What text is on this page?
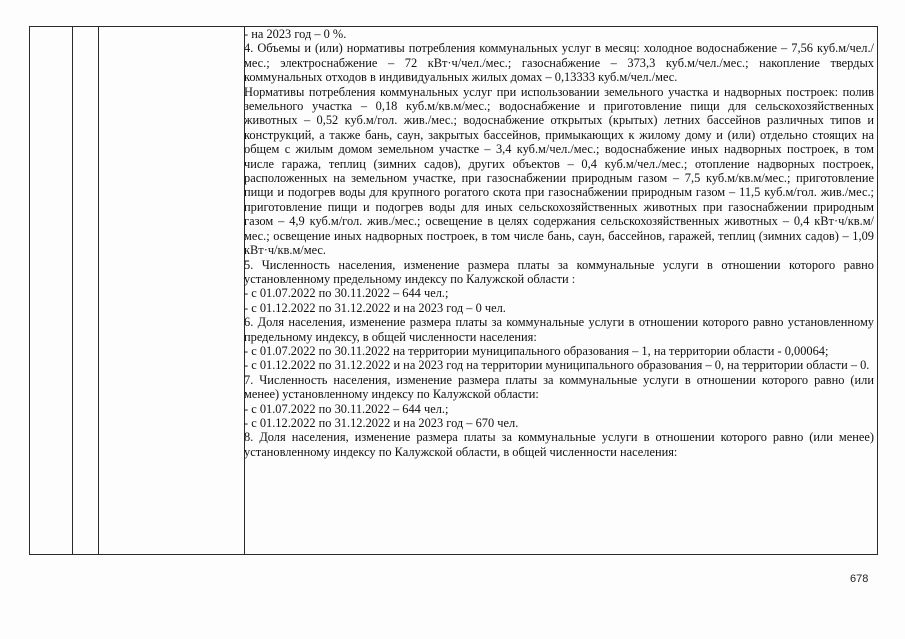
- на 2023 год – 0 %.

4. Объемы и (или) нормативы потребления коммунальных услуг в месяц: холодное водоснабжение – 7,56 куб.м/чел./мес.; электроснабжение – 72 кВт·ч/чел./мес.; газоснабжение – 373,3 куб.м/чел./мес.; накопление твердых коммунальных отходов в индивидуальных жилых домах – 0,13333 куб.м/чел./мес.

Нормативы потребления коммунальных услуг при использовании земельного участка и надворных построек: полив земельного участка – 0,18 куб.м/кв.м/мес.; водоснабжение и приготовление пищи для сельскохозяйственных животных – 0,52 куб.м/гол. жив./мес.; водоснабжение открытых (крытых) летних бассейнов различных типов и конструкций, а также бань, саун, закрытых бассейнов, примыкающих к жилому дому и (или) отдельно стоящих на общем с жилым домом земельном участке – 3,4 куб.м/чел./мес.; водоснабжение иных надворных построек, в том числе гаража, теплиц (зимних садов), других объектов – 0,4 куб.м/чел./мес.; отопление надворных построек, расположенных на земельном участке, при газоснабжении природным газом – 7,5 куб.м/кв.м/мес.; приготовление пищи и подогрев воды для крупного рогатого скота при газоснабжении природным газом – 11,5 куб.м/гол. жив./мес.; приготовление пищи и подогрев воды для иных сельскохозяйственных животных при газоснабжении природным газом – 4,9 куб.м/гол. жив./мес.; освещение в целях содержания сельскохозяйственных животных – 0,4 кВт·ч/кв.м/мес.; освещение иных надворных построек, в том числе бань, саун, бассейнов, гаражей, теплиц (зимних садов) – 1,09 кВт·ч/кв.м/мес.

5. Численность населения, изменение размера платы за коммунальные услуги в отношении которого равно установленному предельному индексу по Калужской области :

- с 01.07.2022 по 30.11.2022 – 644 чел.;

- с 01.12.2022 по 31.12.2022 и на 2023 год – 0 чел.

6. Доля населения, изменение размера платы за коммунальные услуги в отношении которого равно установленному предельному индексу, в общей численности населения:

- с 01.07.2022 по 30.11.2022 на территории муниципального образования – 1, на территории области - 0,00064;

- с 01.12.2022 по 31.12.2022 и на 2023 год на территории муниципального образования – 0, на территории области – 0.

7. Численность населения, изменение размера платы за коммунальные услуги в отношении которого равно (или менее) установленному индексу по Калужской области:

- с 01.07.2022 по 30.11.2022 – 644 чел.;

- с 01.12.2022 по 31.12.2022 и на 2023 год – 670 чел.

8. Доля населения, изменение размера платы за коммунальные услуги в отношении которого равно (или менее) установленному индексу по Калужской области, в общей численности населения:

678
